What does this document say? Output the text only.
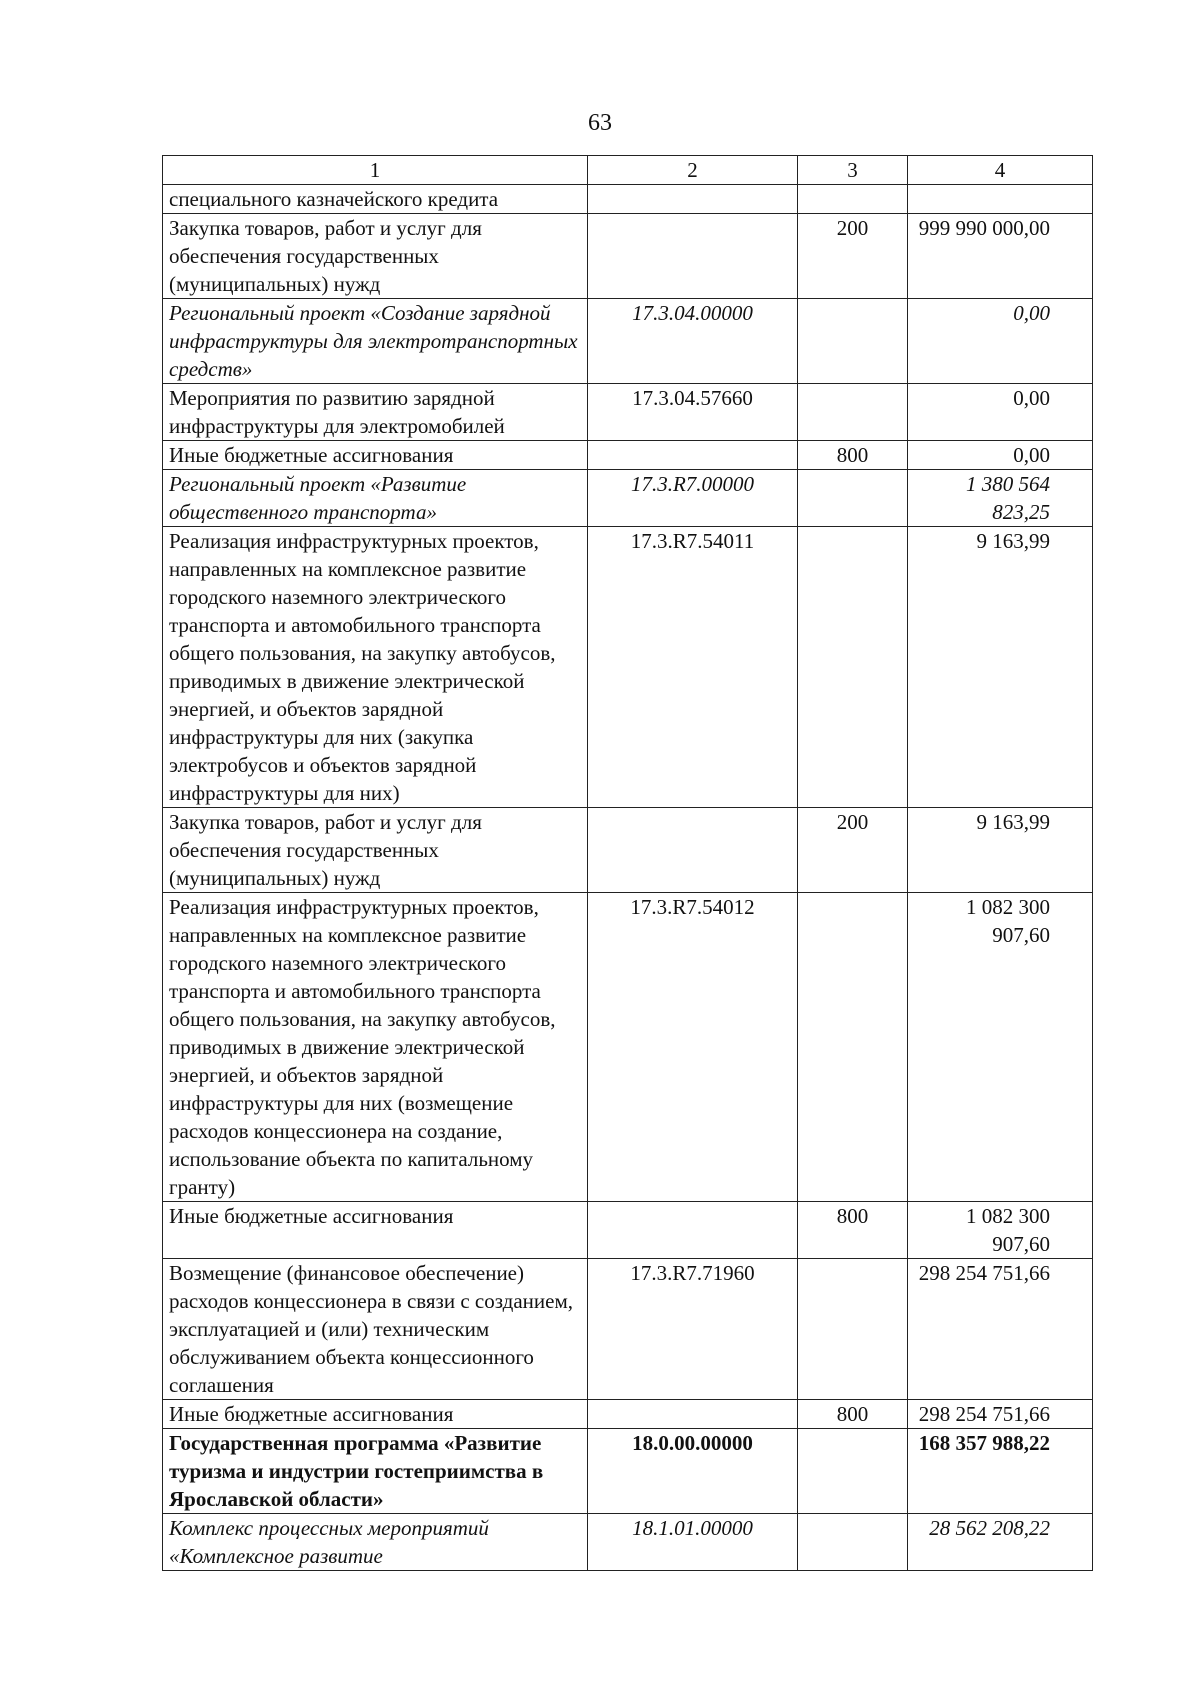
63
1	2	3	4
специального казначейского кредита			
Закупка товаров, работ и услуг для обеспечения государственных (муниципальных) нужд		200	999 990 000,00
Региональный проект «Создание зарядной инфраструктуры для электротранспортных средств»	17.3.04.00000		0,00
Мероприятия по развитию зарядной инфраструктуры для электромобилей	17.3.04.57660		0,00
Иные бюджетные ассигнования		800	0,00
Региональный проект «Развитие общественного транспорта»	17.3.R7.00000		1 380 564 823,25
Реализация инфраструктурных проектов, направленных на комплексное развитие городского наземного электрического транспорта и автомобильного транспорта общего пользования, на закупку автобусов, приводимых в движение электрической энергией, и объектов зарядной инфраструктуры для них (закупка электробусов и объектов зарядной инфраструктуры для них)	17.3.R7.54011		9 163,99
Закупка товаров, работ и услуг для обеспечения государственных (муниципальных) нужд		200	9 163,99
Реализация инфраструктурных проектов, направленных на комплексное развитие городского наземного электрического транспорта и автомобильного транспорта общего пользования, на закупку автобусов, приводимых в движение электрической энергией, и объектов зарядной инфраструктуры для них (возмещение расходов концессионера на создание, использование объекта по капитальному гранту)	17.3.R7.54012		1 082 300 907,60
Иные бюджетные ассигнования		800	1 082 300 907,60
Возмещение (финансовое обеспечение) расходов концессионера в связи с созданием, эксплуатацией и (или) техническим обслуживанием объекта концессионного соглашения	17.3.R7.71960		298 254 751,66
Иные бюджетные ассигнования		800	298 254 751,66
Государственная программа «Развитие туризма и индустрии гостеприимства в Ярославской области»	18.0.00.00000		168 357 988,22
Комплекс процессных мероприятий «Комплексное развитие	18.1.01.00000		28 562 208,22
